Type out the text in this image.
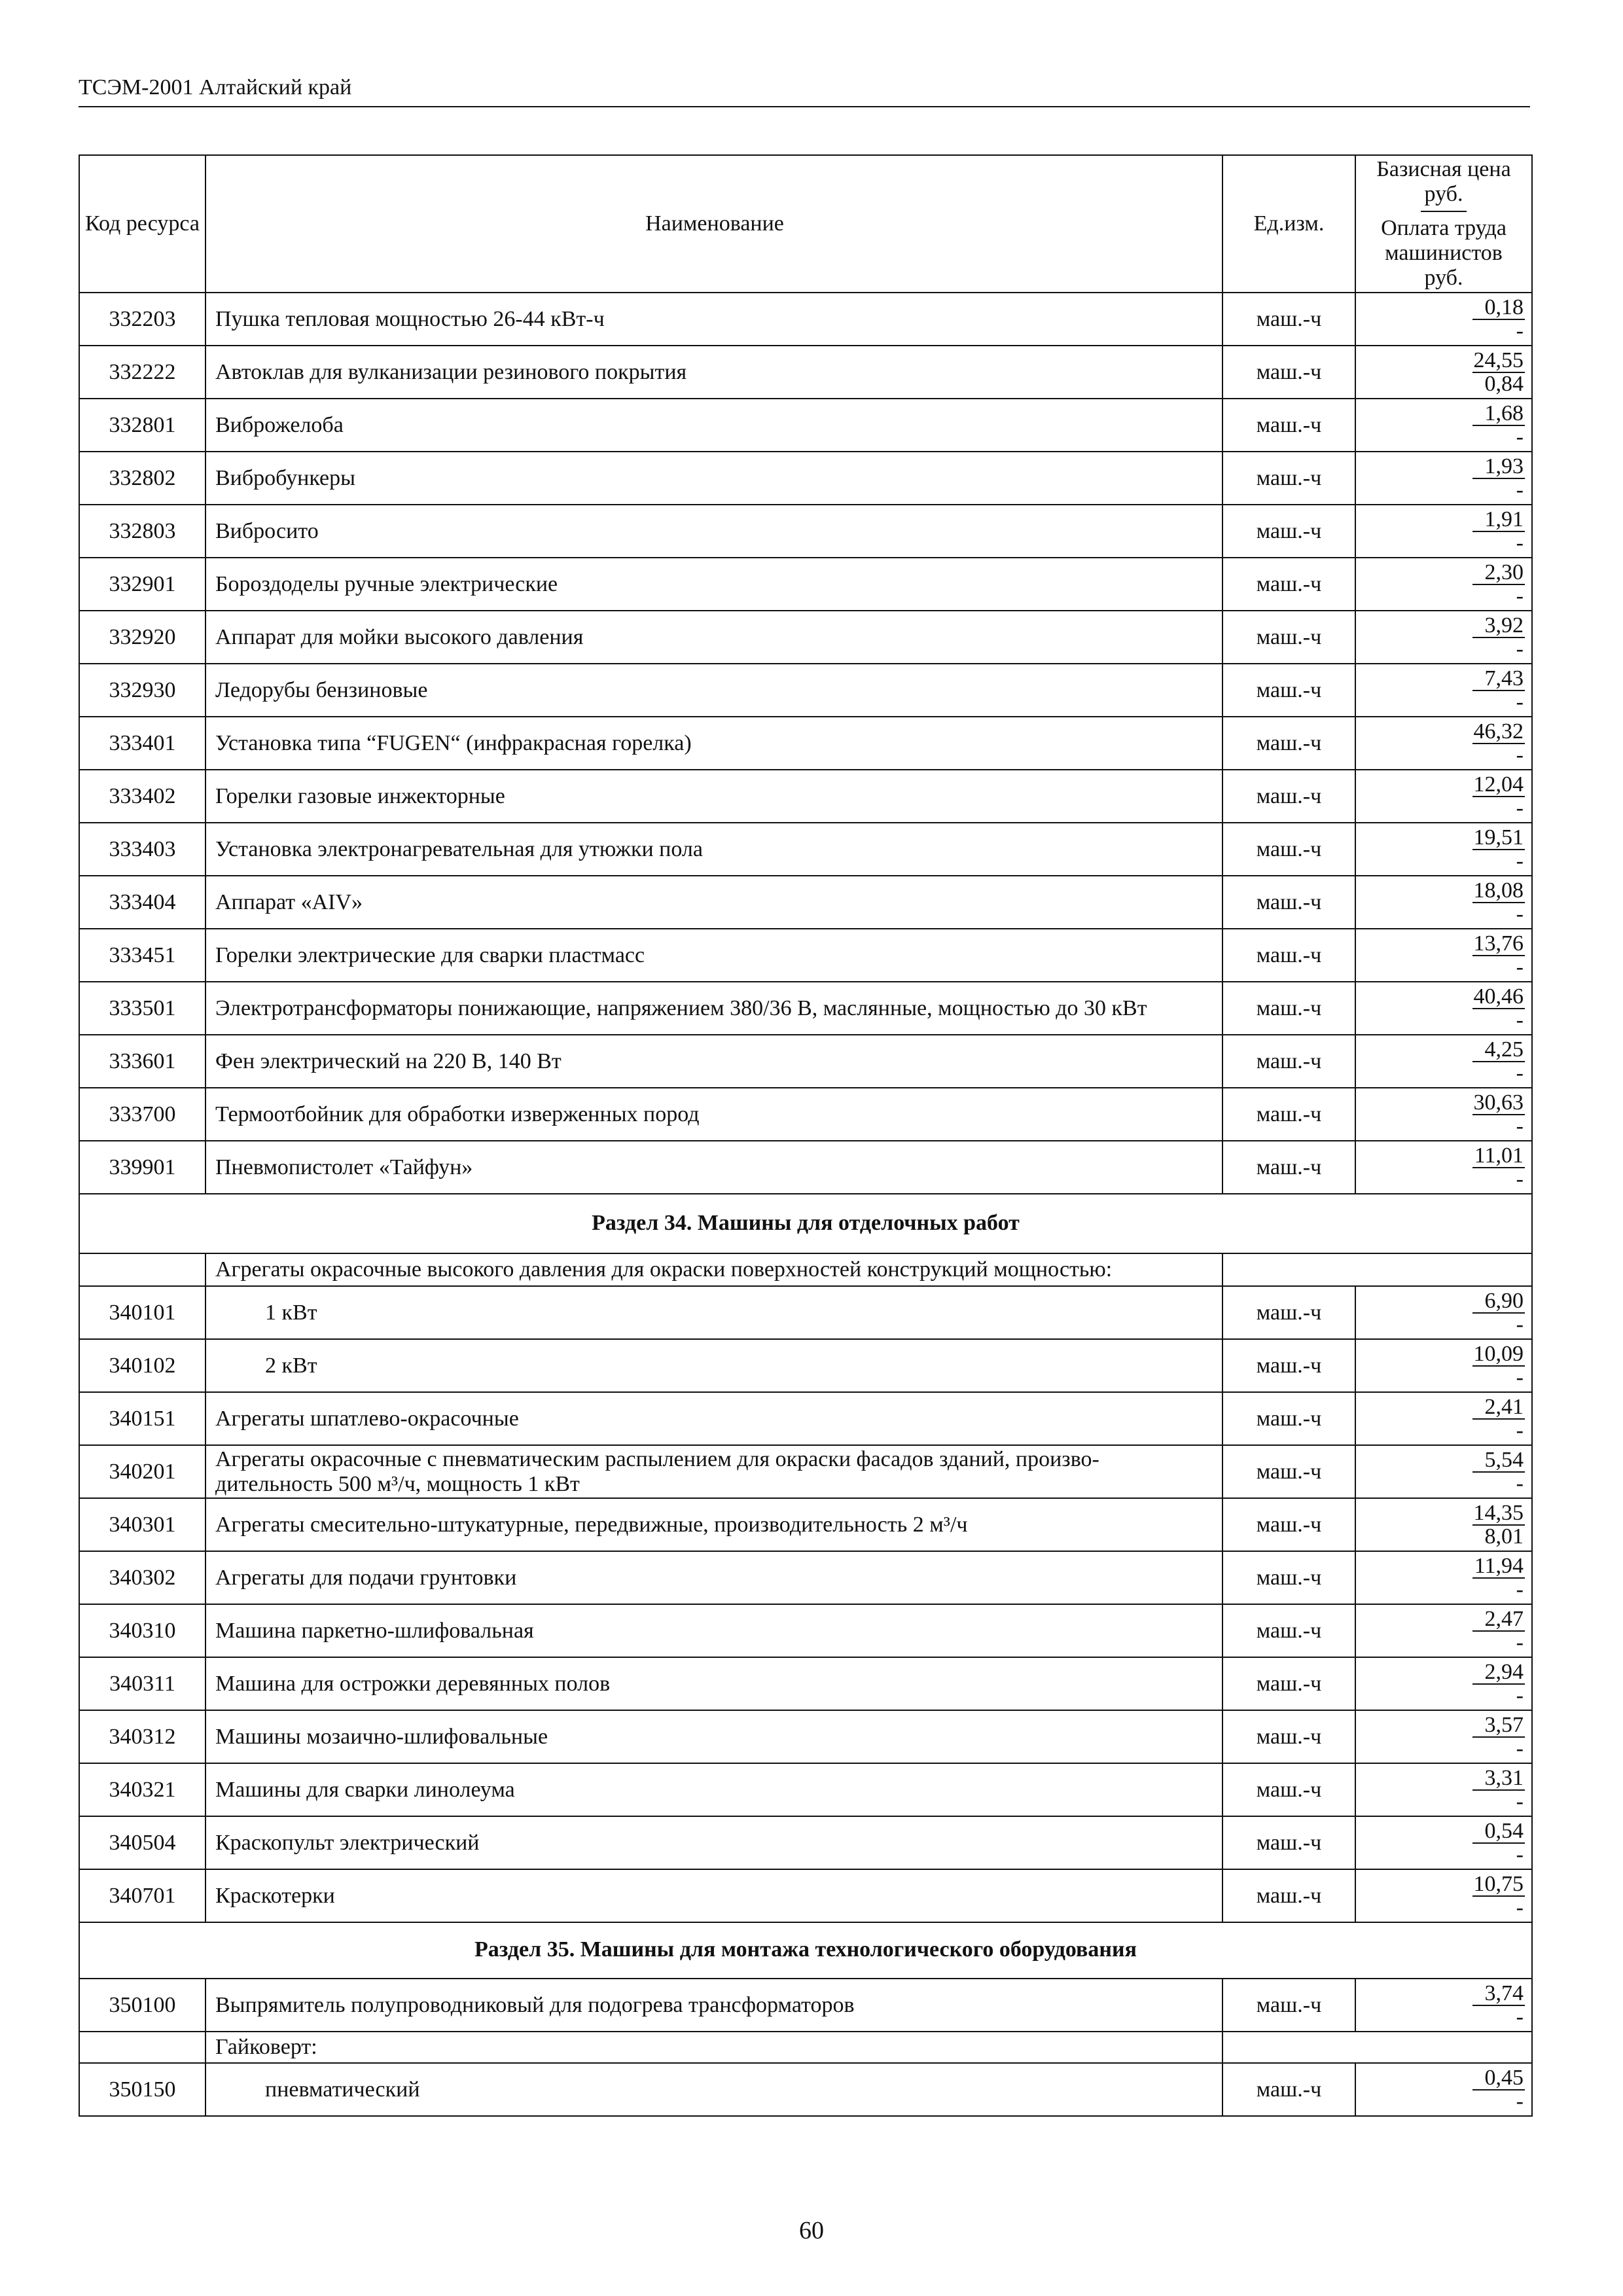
ТСЭМ-2001 Алтайский край
Код ресурса	Наименование	Ед.изм.	Базисная цена
руб.
Оплата труда машинистов
руб.

332203	Пушка тепловая мощностью 26-44 кВт-ч	маш.-ч	0,18
-

332222	Автоклав для вулканизации резинового покрытия	маш.-ч	24,55
0,84

332801	Виброжелоба	маш.-ч	1,68
-

332802	Вибробункеры	маш.-ч	1,93
-

332803	Вибросито	маш.-ч	1,91
-

332901	Бороздоделы ручные электрические	маш.-ч	2,30
-

332920	Аппарат для мойки высокого давления	маш.-ч	3,92
-

332930	Ледорубы бензиновые	маш.-ч	7,43
-

333401	Установка типа “FUGEN“ (инфракрасная горелка)	маш.-ч	46,32
-

333402	Горелки газовые инжекторные	маш.-ч	12,04
-

333403	Установка электронагревательная для утюжки пола	маш.-ч	19,51
-

333404	Аппарат «AIV»	маш.-ч	18,08
-

333451	Горелки электрические для сварки пластмасс	маш.-ч	13,76
-

333501	Электротрансформаторы понижающие, напряжением 380/36 В, маслянные, мощностью до 30 кВт	маш.-ч	40,46
-

333601	Фен электрический на 220 В, 140 Вт	маш.-ч	4,25
-

333700	Термоотбойник для обработки изверженных пород	маш.-ч	30,63
-

339901	Пневмопистолет «Тайфун»	маш.-ч	11,01
-

Раздел 34. Машины для отделочных работ			
	Агрегаты окрасочные высокого давления для окраски поверхностей конструкций мощностью:		
340101	1 кВт	маш.-ч	6,90
-

340102	2 кВт	маш.-ч	10,09
-

340151	Агрегаты шпатлево-окрасочные	маш.-ч	2,41
-

340201	Агрегаты окрасочные с пневматическим распылением для окраски фасадов зданий, произво-дительность 500 м³/ч, мощность 1 кВт	маш.-ч	5,54
-

340301	Агрегаты смесительно-штукатурные, передвижные, производительность 2 м³/ч	маш.-ч	14,35
8,01

340302	Агрегаты для подачи грунтовки	маш.-ч	11,94
-

340310	Машина паркетно-шлифовальная	маш.-ч	2,47
-

340311	Машина для острожки деревянных полов	маш.-ч	2,94
-

340312	Машины мозаично-шлифовальные	маш.-ч	3,57
-

340321	Машины для сварки линолеума	маш.-ч	3,31
-

340504	Краскопульт электрический	маш.-ч	0,54
-

340701	Краскотерки	маш.-ч	10,75
-

Раздел 35. Машины для монтажа технологического оборудования			
350100	Выпрямитель полупроводниковый для подогрева трансформаторов	маш.-ч	3,74
-

	Гайковерт:		
350150	пневматический	маш.-ч	0,45
-
60
